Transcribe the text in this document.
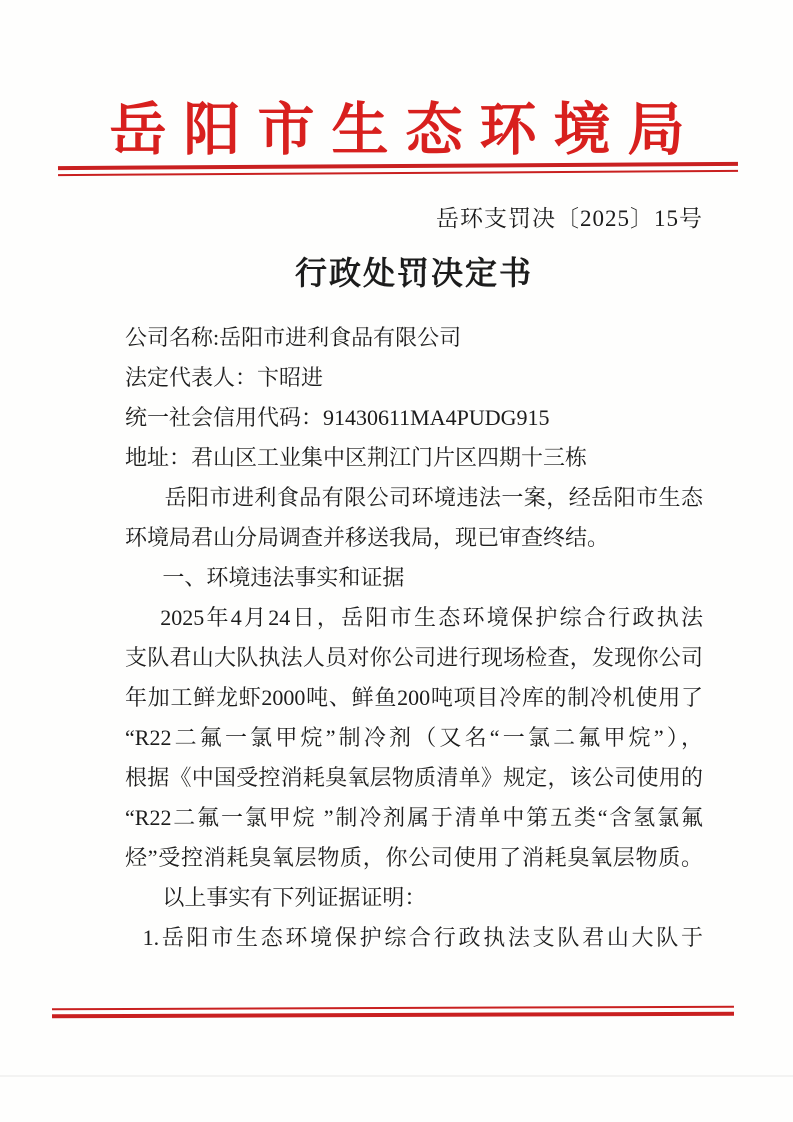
岳阳市生态环境局
岳环支罚决〔2025〕15号
行政处罚决定书
公司名称:岳阳市进利食品有限公司
法定代表人：卞昭进
统一社会信用代码：91430611MA4PUDG915
地址：君山区工业集中区荆江门片区四期十三栋
岳阳市进利食品有限公司环境违法一案，经岳阳市生态
环境局君山分局调查并移送我局，现已审查终结。
一、环境违法事实和证据
2025年4月24日，岳阳市生态环境保护综合行政执法
支队君山大队执法人员对你公司进行现场检查，发现你公司
年加工鲜龙虾2000吨、鲜鱼200吨项目冷库的制冷机使用了
“R22二氟一氯甲烷”制冷剂（又名“一氯二氟甲烷”），
根据《中国受控消耗臭氧层物质清单》规定，该公司使用的
“R22二氟一氯甲烷 ”制冷剂属于清单中第五类“含氢氯氟
烃”受控消耗臭氧层物质，你公司使用了消耗臭氧层物质。
以上事实有下列证据证明：
1.岳阳市生态环境保护综合行政执法支队君山大队于
